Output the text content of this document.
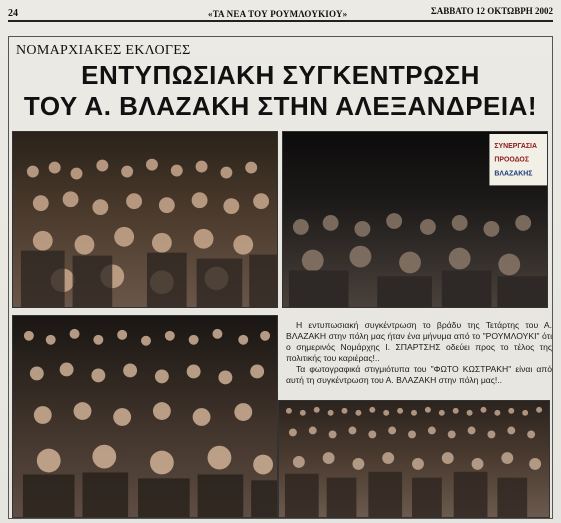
24	«ΤΑ ΝΕΑ ΤΟΥ ΡΟΥΜΛΟΥΚΙΟΥ»	ΣΑΒΒΑΤΟ 12 ΟΚΤΩΒΡΗ 2002
ΝΟΜΑΡΧΙΑΚΕΣ ΕΚΛΟΓΕΣ
ΕΝΤΥΠΩΣΙΑΚΗ ΣΥΓΚΕΝΤΡΩΣΗ
ΤΟΥ Α. ΒΛΑΖΑΚΗ ΣΤΗΝ ΑΛΕΞΑΝΔΡΕΙΑ!
ΣΥΝΕΡΓΑΣΙΑ
ΠΡΟΟΔΟΣ
ΒΛΑΖΑΚΗΣ

Η εντυπωσιακή συγκέντρωση το βράδυ της Τετάρτης του Α. ΒΛΑΖΑΚΗ στην πόλη μας ήταν ένα μήνυμα από το "ΡΟΥΜΛΟΥΚΙ" ότι ο σημερινός Νομάρχης Ι. ΣΠΑΡΤΣΗΣ οδεύει προς το τέλος της πολιτικής του καριέρας!..

Τα φωτογραφικά στιγμιότυπα του "ΦΩΤΟ ΚΩΣΤΡΑΚΗ" είναι από αυτή τη συγκέντρωση του Α. ΒΛΑΖΑΚΗ στην πόλη μας!..
